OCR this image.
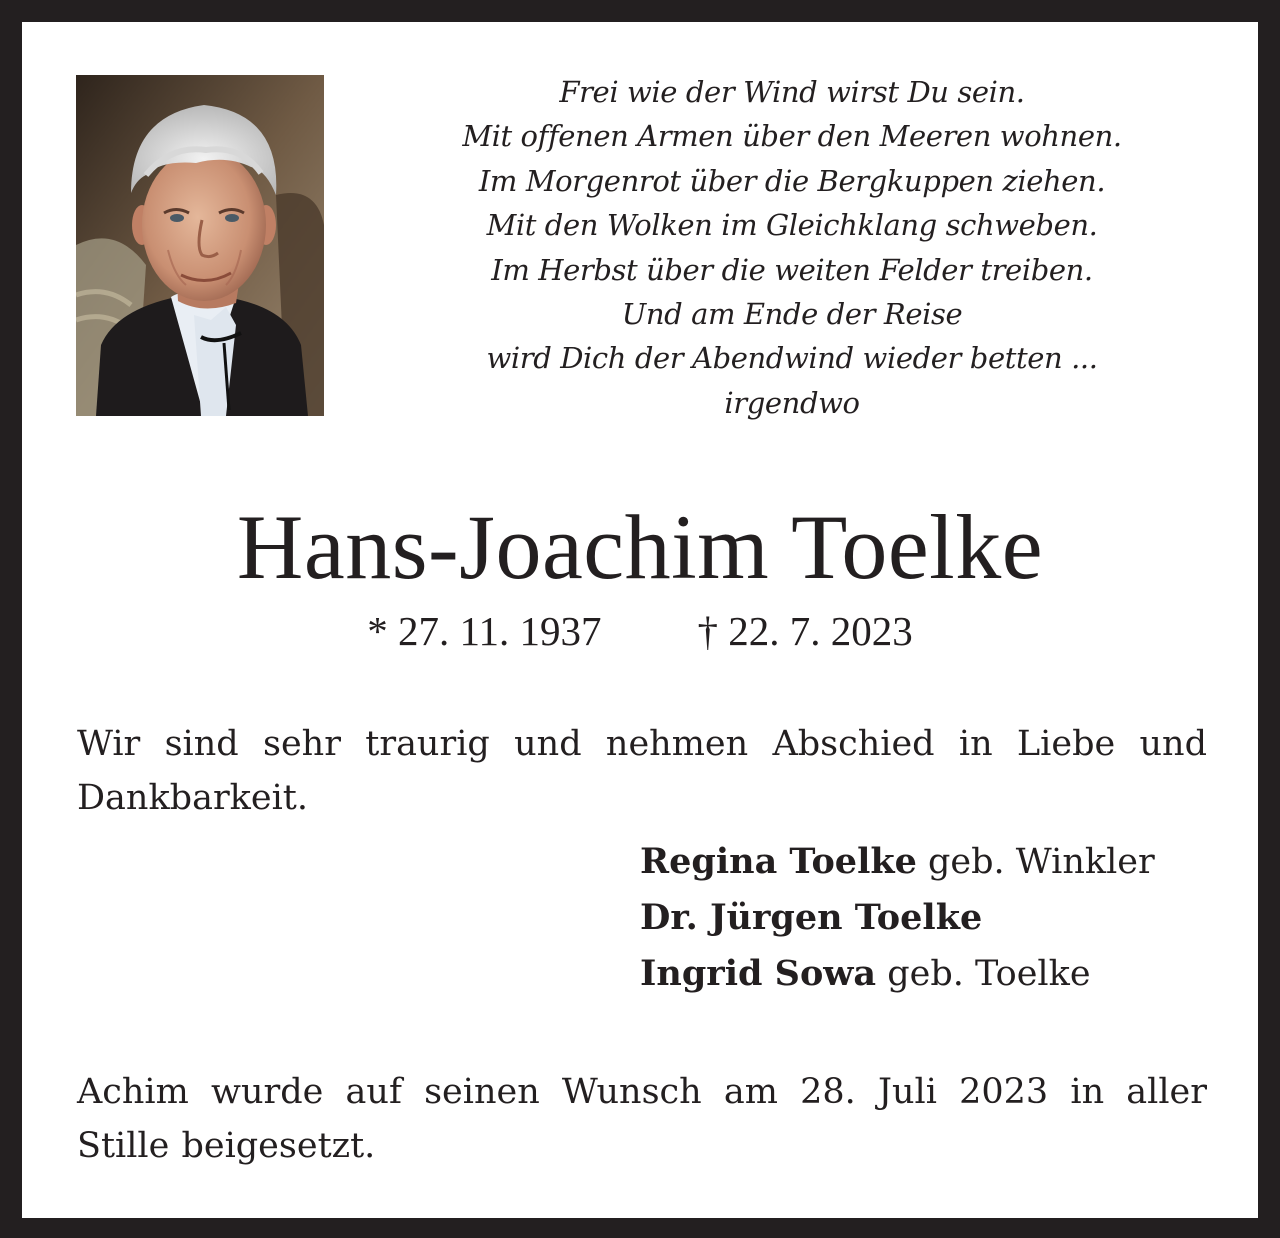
Frei wie der Wind wirst Du sein.
Mit offenen Armen über den Meeren wohnen.
Im Morgenrot über die Bergkuppen ziehen.
Mit den Wolken im Gleichklang schweben.
Im Herbst über die weiten Felder treiben.
Und am Ende der Reise
wird Dich der Abendwind wieder betten ...
irgendwo
Hans-Joachim Toelke
* 27. 11. 1937 † 22. 7. 2023
Wir sind sehr traurig und nehmen Abschied in Liebe und Dankbarkeit.
Regina Toelke geb. Winkler
Dr. Jürgen Toelke
Ingrid Sowa geb. Toelke
Achim wurde auf seinen Wunsch am 28. Juli 2023 in aller Stille beigesetzt.
